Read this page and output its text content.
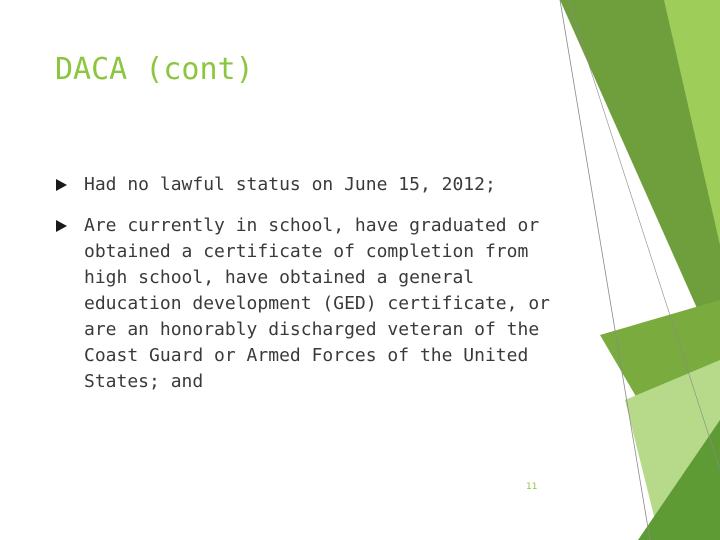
DACA (cont)
Had no lawful status on June 15, 2012;
Are currently in school, have graduated or obtained a certificate of completion from high school, have obtained a general education development (GED) certificate, or are an honorably discharged veteran of the Coast Guard or Armed Forces of the United States; and
11
